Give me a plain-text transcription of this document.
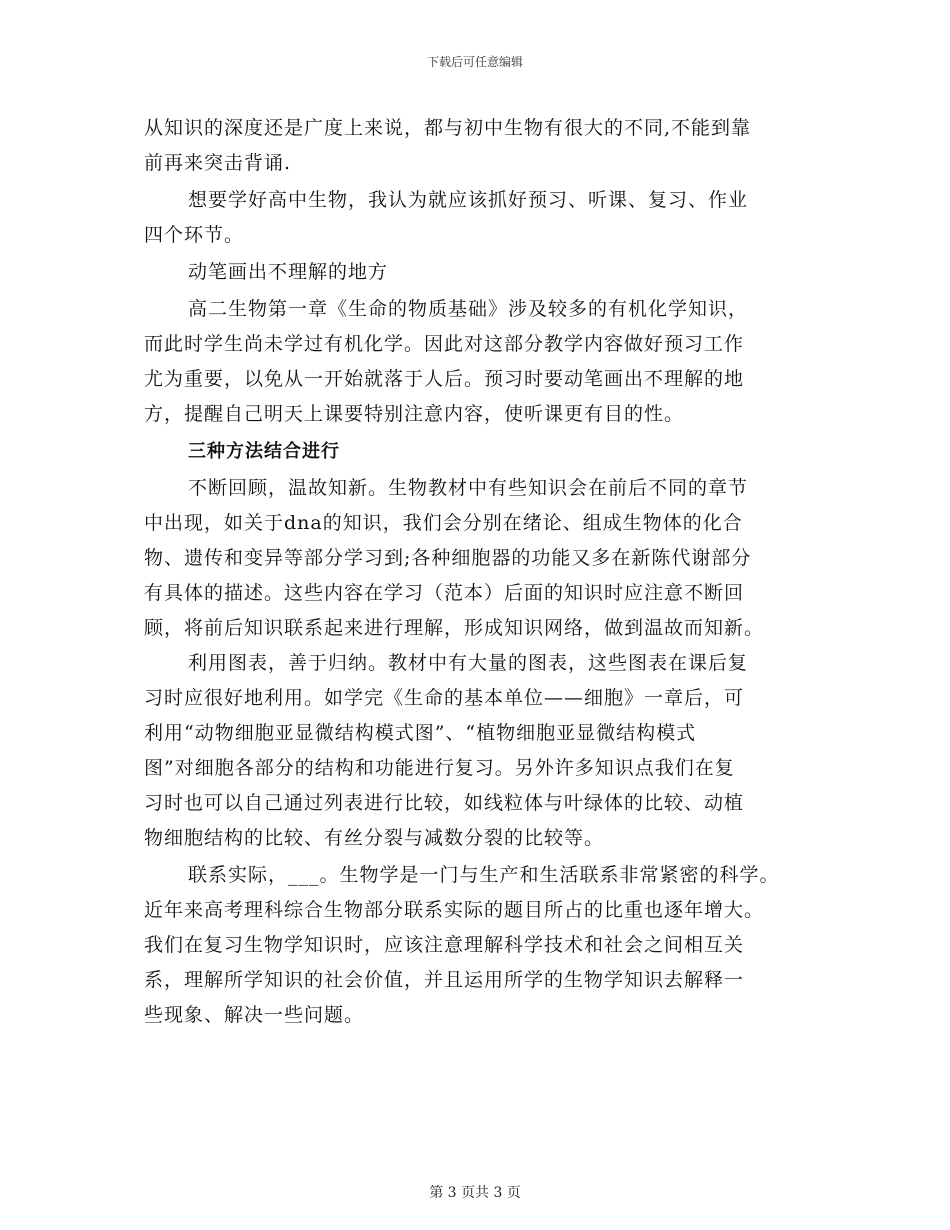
下载后可任意编辑
从知识的深度还是广度上来说，都与初中生物有很大的不同,不能到靠
前再来突击背诵.
想要学好高中生物，我认为就应该抓好预习、听课、复习、作业
四个环节。
动笔画出不理解的地方
高二生物第一章《生命的物质基础》涉及较多的有机化学知识，
而此时学生尚未学过有机化学。因此对这部分教学内容做好预习工作
尤为重要，以免从一开始就落于人后。预习时要动笔画出不理解的地
方，提醒自己明天上课要特别注意内容，使听课更有目的性。
三种方法结合进行
不断回顾，温故知新。生物教材中有些知识会在前后不同的章节
中出现，如关于dna的知识，我们会分别在绪论、组成生物体的化合
物、遗传和变异等部分学习到;各种细胞器的功能又多在新陈代谢部分
有具体的描述。这些内容在学习（范本）后面的知识时应注意不断回
顾，将前后知识联系起来进行理解，形成知识网络，做到温故而知新。
利用图表，善于归纳。教材中有大量的图表，这些图表在课后复
习时应很好地利用。如学完《生命的基本单位——细胞》一章后，可
利用“动物细胞亚显微结构模式图”、“植物细胞亚显微结构模式
图”对细胞各部分的结构和功能进行复习。另外许多知识点我们在复
习时也可以自己通过列表进行比较，如线粒体与叶绿体的比较、动植
物细胞结构的比较、有丝分裂与减数分裂的比较等。
联系实际，___。生物学是一门与生产和生活联系非常紧密的科学。
近年来高考理科综合生物部分联系实际的题目所占的比重也逐年增大。
我们在复习生物学知识时，应该注意理解科学技术和社会之间相互关
系，理解所学知识的社会价值，并且运用所学的生物学知识去解释一
些现象、解决一些问题。
第 3 页共 3 页
